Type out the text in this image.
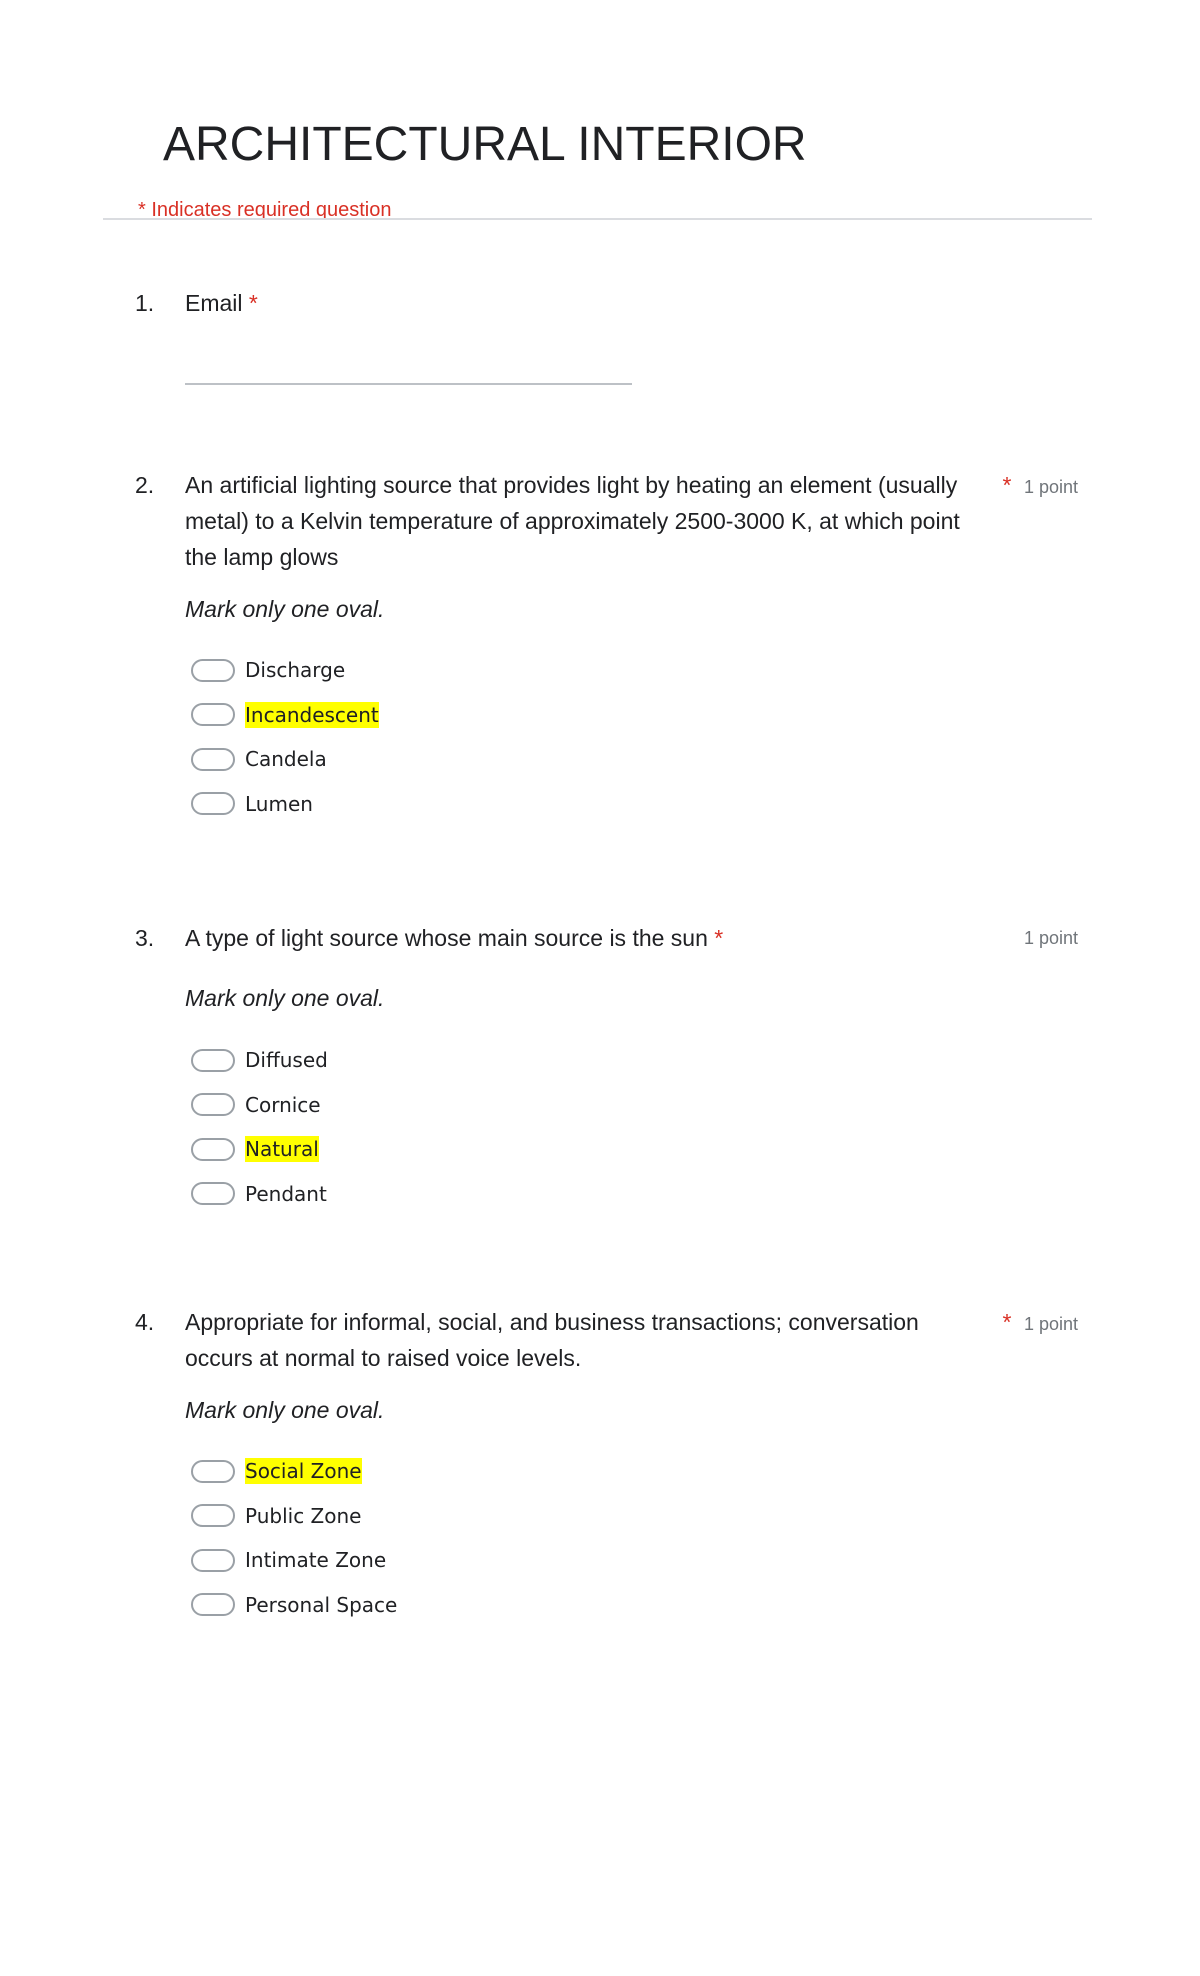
ARCHITECTURAL INTERIOR
* Indicates required question
1. Email *
2. An artificial lighting source that provides light by heating an element (usually metal) to a Kelvin temperature of approximately 2500-3000 K, at which point the lamp glows
* 1 point
Mark only one oval.
Discharge
Incandescent
Candela
Lumen
3. A type of light source whose main source is the sun *	1 point
Mark only one oval.
Diffused
Cornice
Natural
Pendant
4. Appropriate for informal, social, and business transactions; conversation occurs at normal to raised voice levels.
* 1 point
Mark only one oval.
Social Zone
Public Zone
Intimate Zone
Personal Space
